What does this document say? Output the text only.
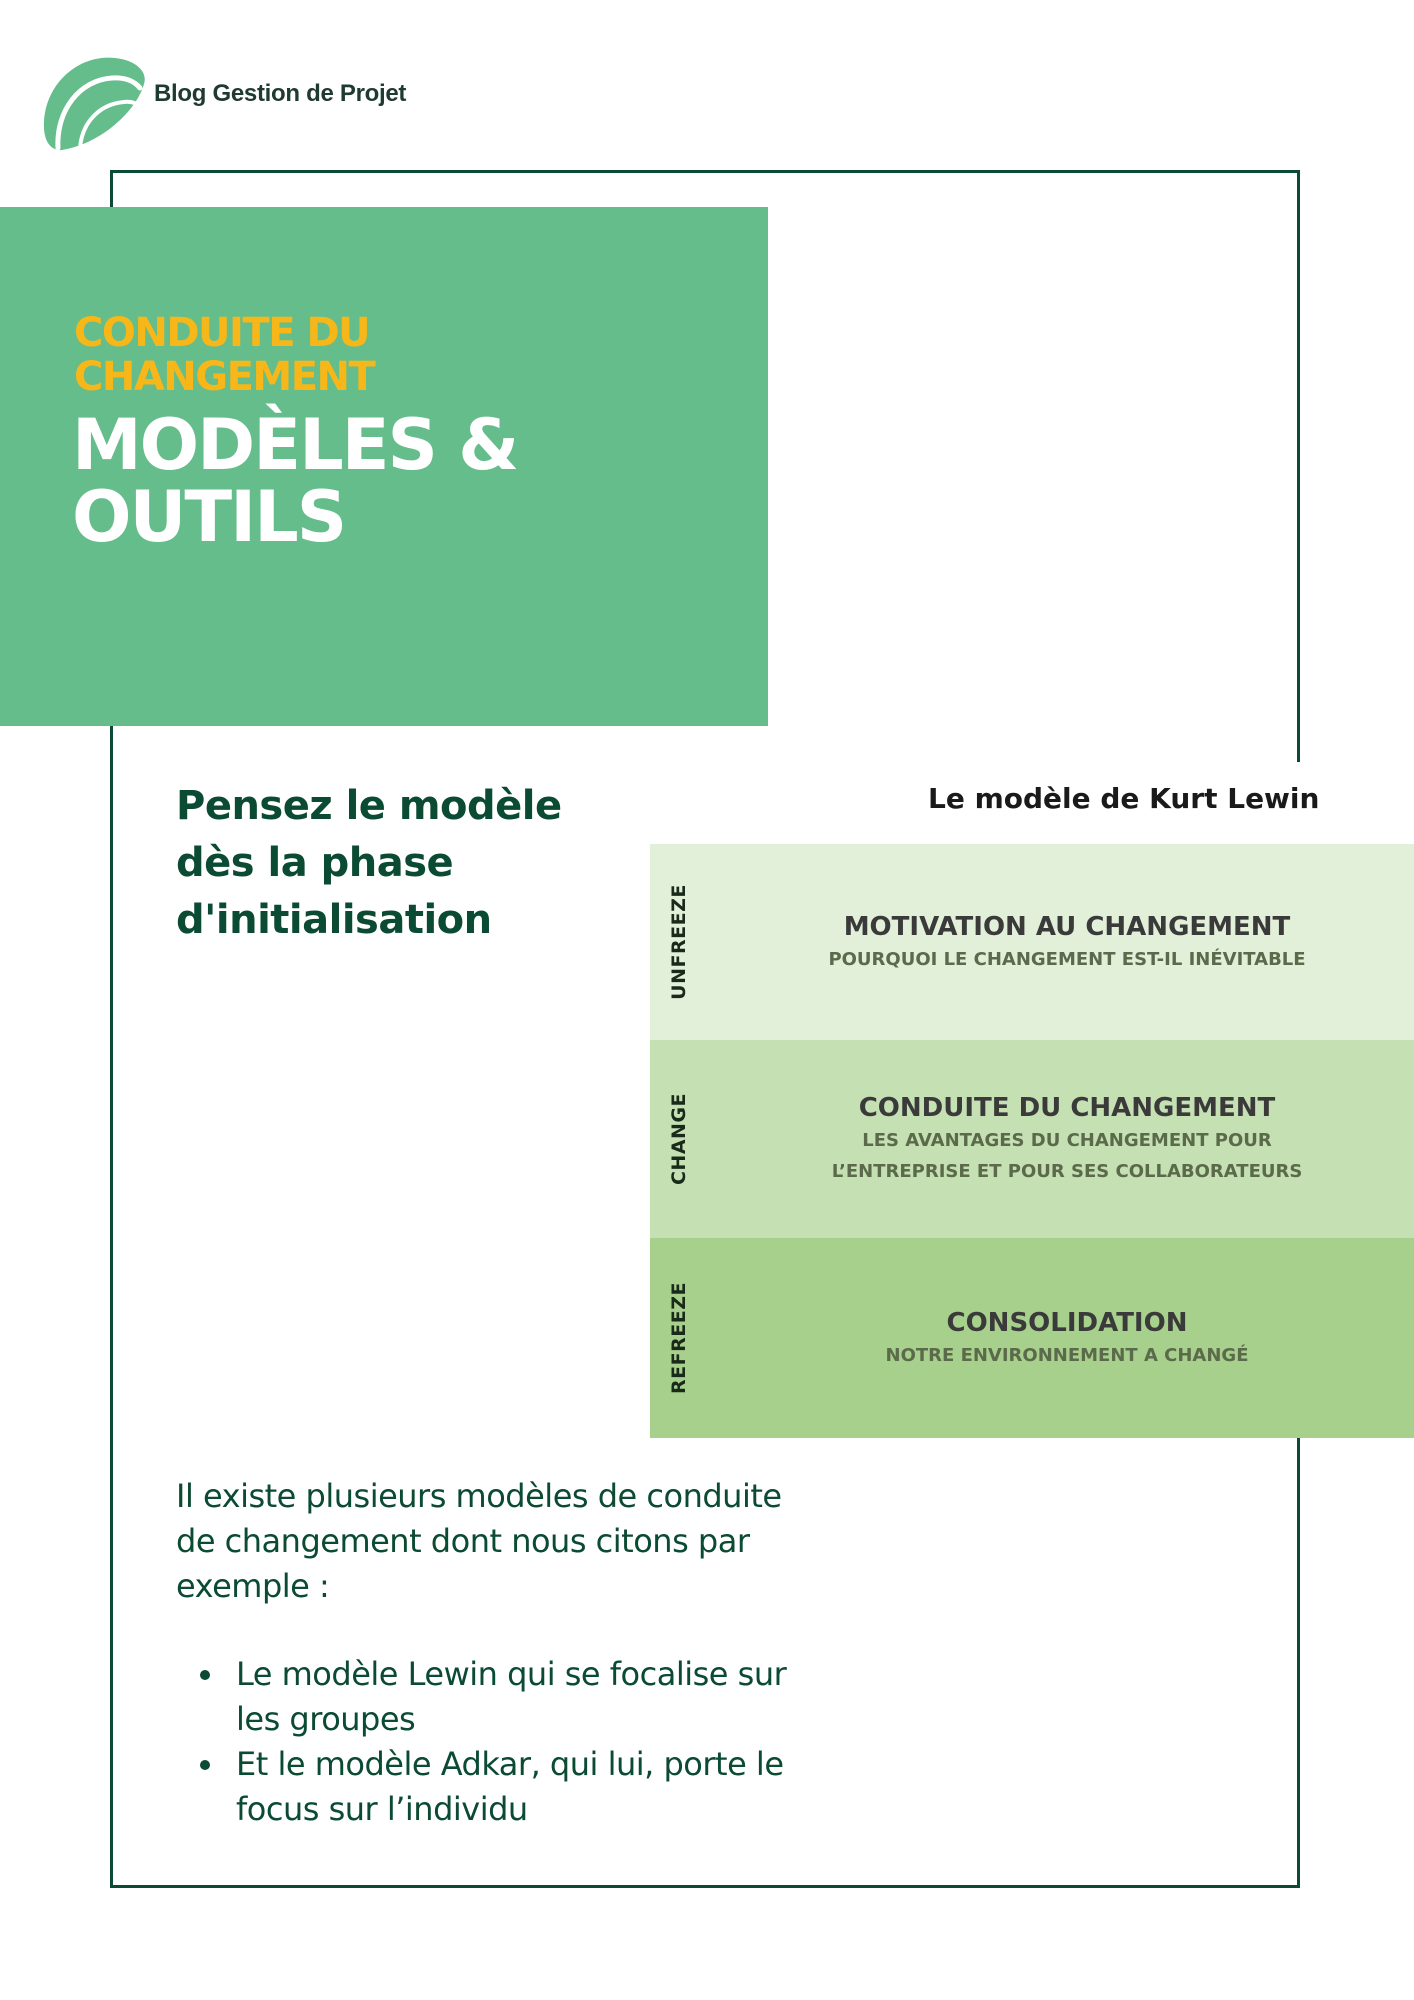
Blog Gestion de Projet
CONDUITE DU CHANGEMENT
MODÈLES & OUTILS
Pensez le modèle dès la phase d'initialisation
Le modèle de Kurt Lewin
UNFREEZE	MOTIVATION AU CHANGEMENT
POURQUOI LE CHANGEMENT EST-IL INÉVITABLE
CHANGE	CONDUITE DU CHANGEMENT
LES AVANTAGES DU CHANGEMENT POUR L’ENTREPRISE ET POUR SES COLLABORATEURS
REFREEZE	CONSOLIDATION
NOTRE ENVIRONNEMENT A CHANGÉ

Il existe plusieurs modèles de conduite de changement dont nous citons par exemple :

Le modèle Lewin qui se focalise sur les groupes
Et le modèle Adkar, qui lui, porte le focus sur l’individu
